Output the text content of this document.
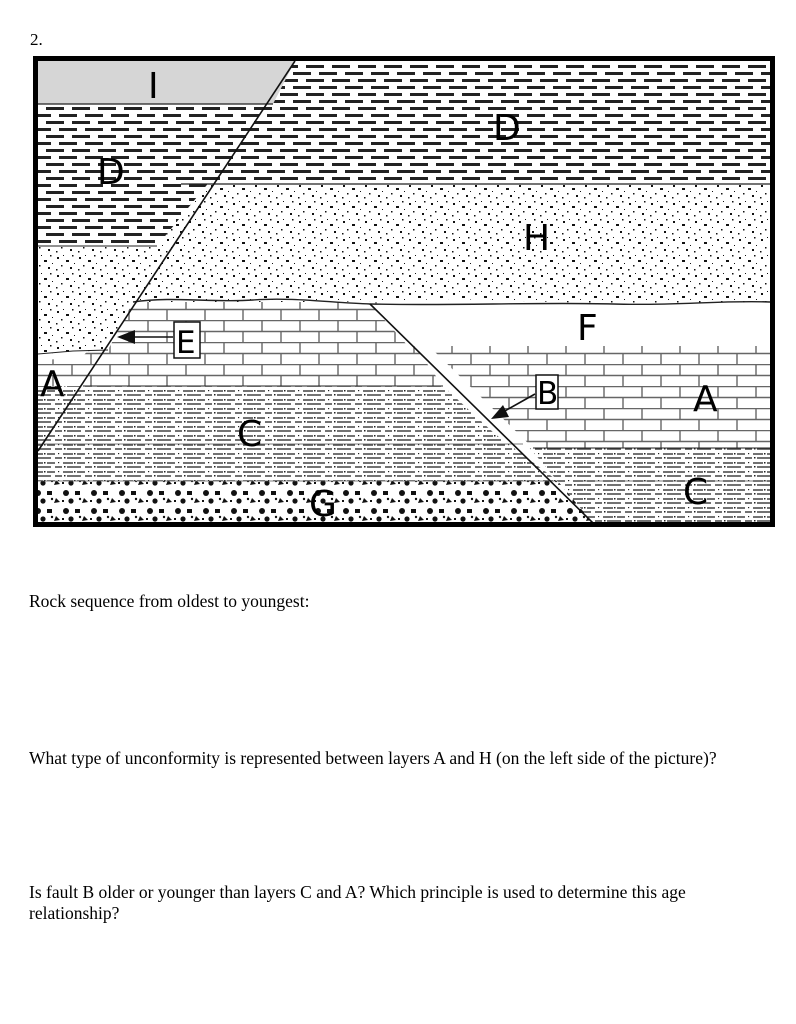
2.
I
D
D
H
F
E
A	B	A
C
C
G
Rock sequence from oldest to youngest:
What type of unconformity is represented between layers A and H (on the left side of the picture)?
Is fault B older or younger than layers C and A? Which principle is used to determine this age relationship?
